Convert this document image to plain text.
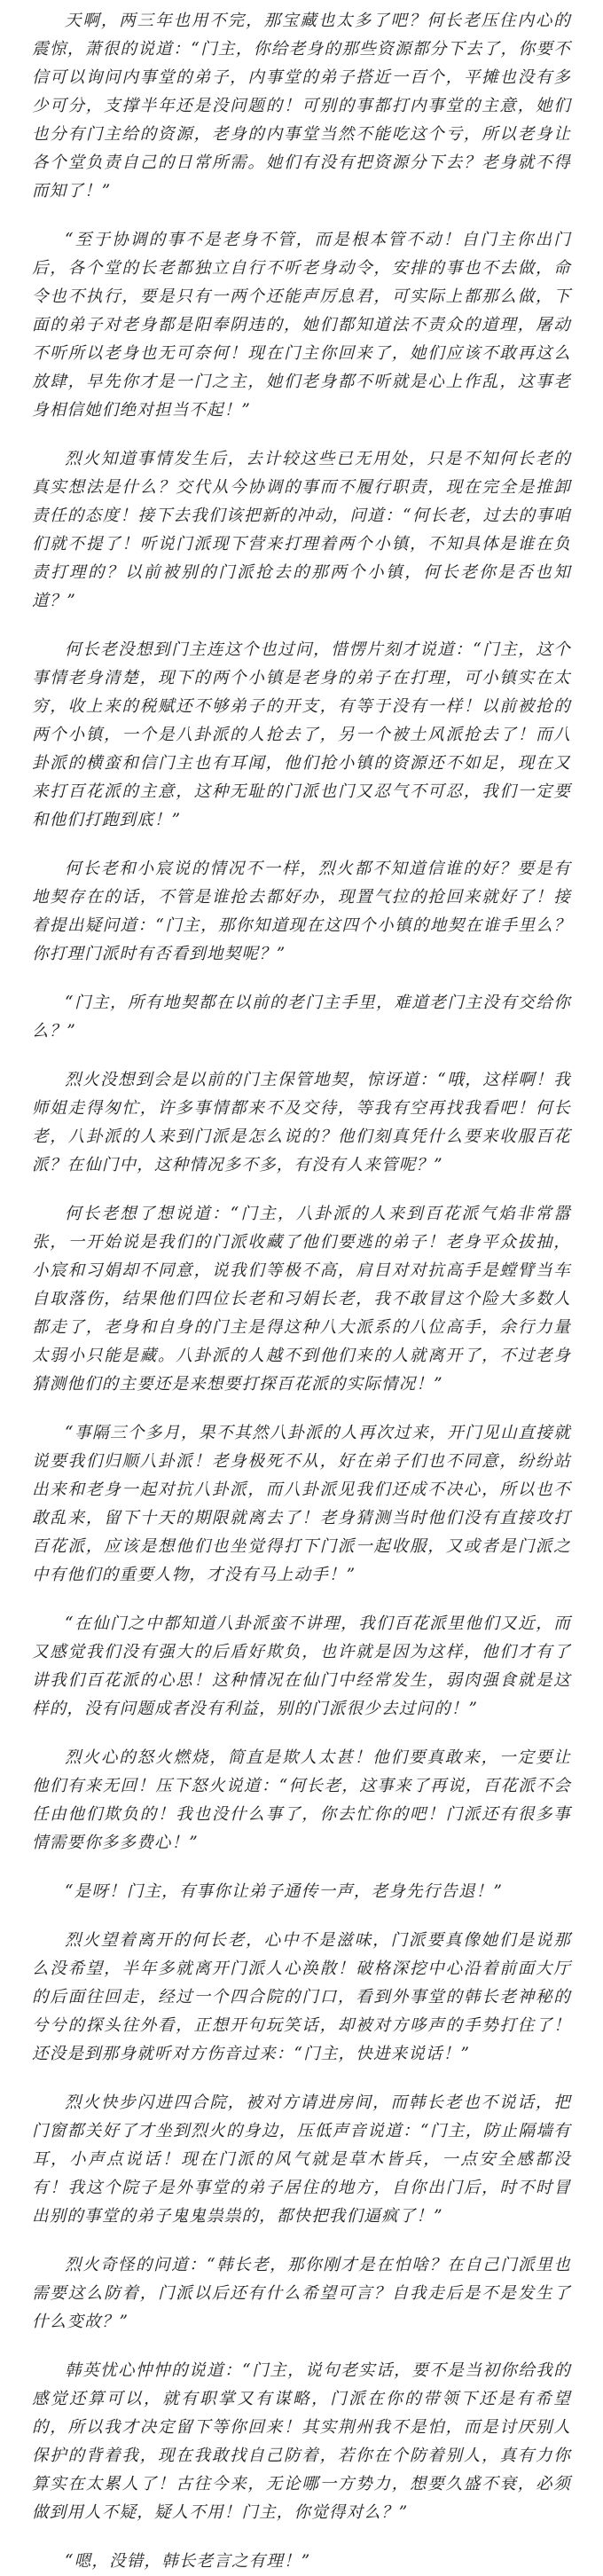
天啊，两三年也用不完，那宝藏也太多了吧？何长老压住内心的震惊，萧很的说道：“门主，你给老身的那些资源都分下去了，你要不信可以询问内事堂的弟子，内事堂的弟子搭近一百个，平摊也没有多少可分，支撑半年还是没问题的！可别的事都打内事堂的主意，她们也分有门主给的资源，老身的内事堂当然不能吃这个亏，所以老身让各个堂负责自己的日常所需。她们有没有把资源分下去？老身就不得而知了！”

“至于协调的事不是老身不管，而是根本管不动！自门主你出门后，各个堂的长老都独立自行不听老身动令，安排的事也不去做，命令也不执行，要是只有一两个还能声厉息君，可实际上都那么做，下面的弟子对老身都是阳奉阴违的，她们都知道法不责众的道理，屠动不听所以老身也无可奈何！现在门主你回来了，她们应该不敢再这么放肆，早先你才是一门之主，她们老身都不听就是心上作乱，这事老身相信她们绝对担当不起！”

烈火知道事情发生后，去计较这些已无用处，只是不知何长老的真实想法是什么？交代从今协调的事而不履行职责，现在完全是推卸责任的态度！接下去我们该把新的冲动，问道：“何长老，过去的事咱们就不提了！听说门派现下营来打理着两个小镇，不知具体是谁在负责打理的？以前被别的门派抢去的那两个小镇，何长老你是否也知道？”

何长老没想到门主连这个也过问，惜愣片刻才说道：“门主，这个事情老身清楚，现下的两个小镇是老身的弟子在打理，可小镇实在太穷，收上来的税赋还不够弟子的开支，有等于没有一样！以前被抢的两个小镇，一个是八卦派的人抢去了，另一个被土风派抢去了！而八卦派的横蛮和信门主也有耳闻，他们抢小镇的资源还不如足，现在又来打百花派的主意，这种无耻的门派也门又忍气不可忍，我们一定要和他们打跑到底！”

何长老和小宸说的情况不一样，烈火都不知道信谁的好？要是有地契存在的话，不管是谁抢去都好办，现置气拉的抢回来就好了！接着提出疑问道：“门主，那你知道现在这四个小镇的地契在谁手里么？你打理门派时有否看到地契呢？”

“门主，所有地契都在以前的老门主手里，难道老门主没有交给你么？”

烈火没想到会是以前的门主保管地契，惊讶道：“哦，这样啊！我师姐走得匆忙，许多事情都来不及交待，等我有空再找我看吧！何长老，八卦派的人来到门派是怎么说的？他们刻真凭什么要来收服百花派？在仙门中，这种情况多不多，有没有人来管呢？”

何长老想了想说道：“门主，八卦派的人来到百花派气焰非常嚣张，一开始说是我们的门派收藏了他们要逃的弟子！老身平众拔抽，小宸和习娟却不同意，说我们等极不高，肩目对对抗高手是螳臂当车自取落伤，结果他们四位长老和习娟长老，我不敢冒这个险大多数人都走了，老身和自身的门主是得这种八大派系的八位高手，余行力量太弱小只能是藏。八卦派的人越不到他们来的人就离开了，不过老身猜测他们的主要还是来想要打探百花派的实际情况！”

“事隔三个多月，果不其然八卦派的人再次过来，开门见山直接就说要我们归顺八卦派！老身极死不从，好在弟子们也不同意，纷纷站出来和老身一起对抗八卦派，而八卦派见我们还成不决心，所以也不敢乱来，留下十天的期限就离去了！老身猜测当时他们没有直接攻打百花派，应该是想他们也坐觉得打下门派一起收服，又或者是门派之中有他们的重要人物，才没有马上动手！”

“在仙门之中都知道八卦派蛮不讲理，我们百花派里他们又近，而又感觉我们没有强大的后盾好欺负，也许就是因为这样，他们才有了讲我们百花派的心思！这种情况在仙门中经常发生，弱肉强食就是这样的，没有问题成者没有利益，别的门派很少去过问的！”

烈火心的怒火燃烧，简直是欺人太甚！他们要真敢来，一定要让他们有来无回！压下怒火说道：“何长老，这事来了再说，百花派不会任由他们欺负的！我也没什么事了，你去忙你的吧！门派还有很多事情需要你多多费心！”

“是呀！门主，有事你让弟子通传一声，老身先行告退！”

烈火望着离开的何长老，心中不是滋味，门派要真像她们是说那么没希望，半年多就离开门派人心涣散！破格深挖中心沿着前面大厅的后面往回走，经过一个四合院的门口，看到外事堂的韩长老神秘的兮兮的探头往外看，正想开句玩笑话，却被对方哆声的手势打住了！还没是到那身就听对方伤音过来：“门主，快进来说话！”

烈火快步闪进四合院，被对方请进房间，而韩长老也不说话，把门窗都关好了才坐到烈火的身边，压低声音说道：“门主，防止隔墙有耳，小声点说话！现在门派的风气就是草木皆兵，一点安全感都没有！我这个院子是外事堂的弟子居住的地方，自你出门后，时不时冒出别的事堂的弟子鬼鬼祟祟的，都快把我们逼疯了！”

烈火奇怪的问道：“韩长老，那你刚才是在怕啥？在自己门派里也需要这么防着，门派以后还有什么希望可言？自我走后是不是发生了什么变故？”

韩英忧心忡忡的说道：“门主，说句老实话，要不是当初你给我的感觉还算可以，就有职掌又有谋略，门派在你的带领下还是有希望的，所以我才决定留下等你回来！其实荆州我不是怕，而是讨厌别人保护的背着我，现在我敢找自己防着，若你在个防着别人，真有力你算实在太累人了！古往今来，无论哪一方势力，想要久盛不衰，必须做到用人不疑，疑人不用！门主，你觉得对么？”

“嗯，没错，韩长老言之有理！”
